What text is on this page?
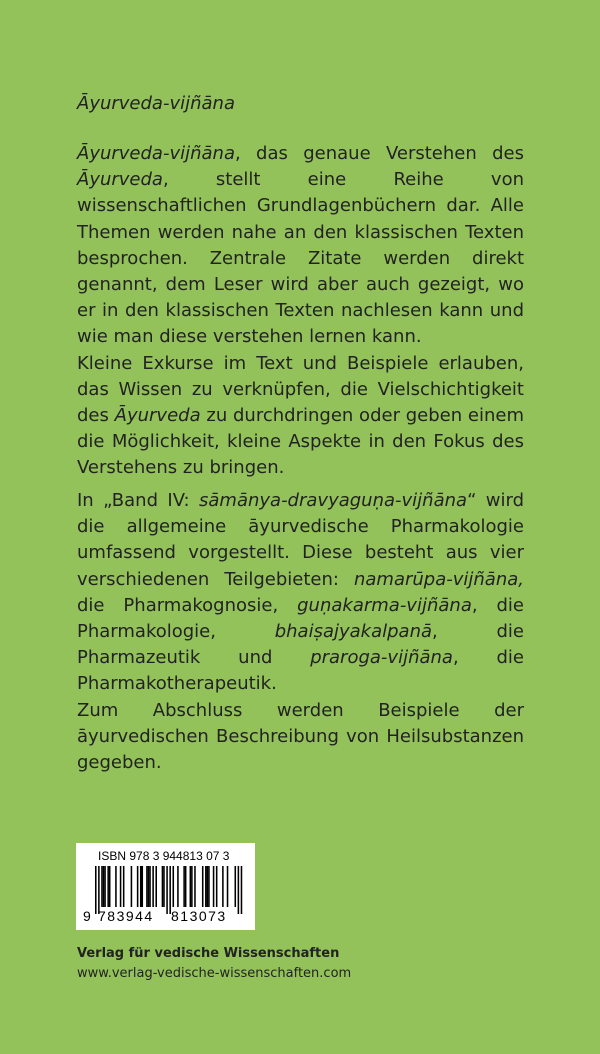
Āyurveda-vijñāna

Āyurveda-vijñāna, das genaue Verstehen des Āyurveda, stellt eine Reihe von wissenschaftlichen Grundlagenbüchern dar. Alle Themen werden nahe an den klassischen Texten besprochen. Zentrale Zitate werden direkt genannt, dem Leser wird aber auch gezeigt, wo er in den klassischen Texten nachlesen kann und wie man diese verstehen lernen kann.

Kleine Exkurse im Text und Beispiele erlauben, das Wissen zu verknüpfen, die Vielschichtigkeit des Āyurveda zu durchdringen oder geben einem die Möglichkeit, kleine Aspekte in den Fokus des Verstehens zu bringen.

In „Band IV: sāmānya-dravyaguṇa-vijñāna“ wird die allgemeine āyurvedische Pharmakologie umfassend vorgestellt. Diese besteht aus vier verschiedenen Teilgebieten: namarūpa-vijñāna, die Pharmakognosie, guṇakarma-vijñāna, die Pharmakologie, bhaiṣajyakalpanā, die Pharmazeutik und praroga-vijñāna, die Pharmakotherapeutik.

Zum Abschluss werden Beispiele der āyurvedischen Beschreibung von Heilsubstanzen gegeben.

ISBN 978 3 944813 07 3
9 783944 813073
Verlag für vedische Wissenschaften
www.verlag-vedische-wissenschaften.com
